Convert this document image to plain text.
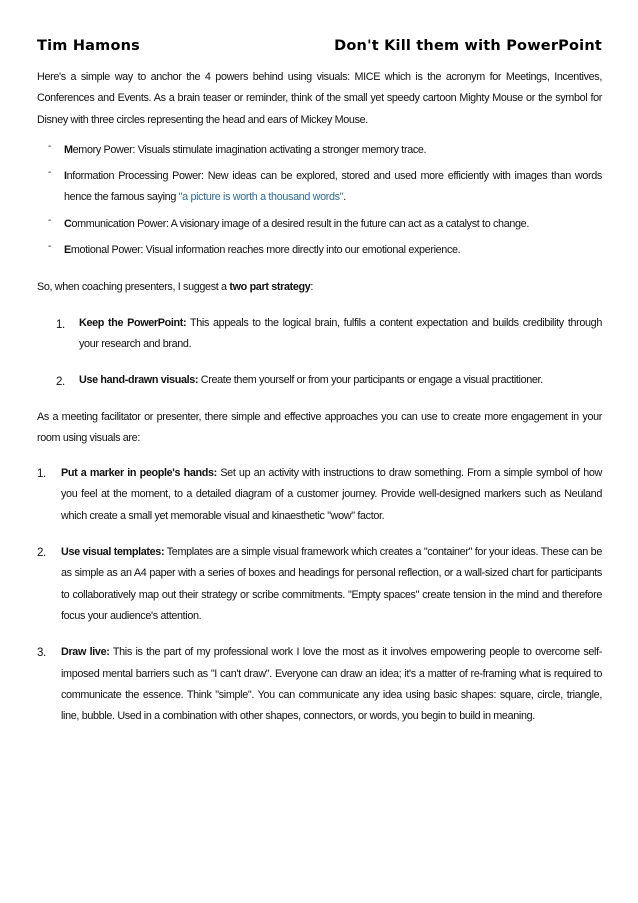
Tim Hamons	Don't Kill them with PowerPoint

Here's a simple way to anchor the 4 powers behind using visuals: MICE which is the acronym for Meetings, Incentives, Conferences and Events. As a brain teaser or reminder, think of the small yet speedy cartoon Mighty Mouse or the symbol for Disney with three circles representing the head and ears of Mickey Mouse.

- Memory Power: Visuals stimulate imagination activating a stronger memory trace.
- Information Processing Power: New ideas can be explored, stored and used more efficiently with images than words hence the famous saying "a picture is worth a thousand words".
- Communication Power: A visionary image of a desired result in the future can act as a catalyst to change.
- Emotional Power: Visual information reaches more directly into our emotional experience.

So, when coaching presenters, I suggest a two part strategy:

1. Keep the PowerPoint: This appeals to the logical brain, fulfils a content expectation and builds credibility through your research and brand.
2. Use hand-drawn visuals: Create them yourself or from your participants or engage a visual practitioner.

As a meeting facilitator or presenter, there simple and effective approaches you can use to create more engagement in your room using visuals are:

1. Put a marker in people's hands: Set up an activity with instructions to draw something. From a simple symbol of how you feel at the moment, to a detailed diagram of a customer journey. Provide well-designed markers such as Neuland which create a small yet memorable visual and kinaesthetic "wow" factor.
2. Use visual templates: Templates are a simple visual framework which creates a "container" for your ideas. These can be as simple as an A4 paper with a series of boxes and headings for personal reflection, or a wall-sized chart for participants to collaboratively map out their strategy or scribe commitments. "Empty spaces" create tension in the mind and therefore focus your audience's attention.
3. Draw live: This is the part of my professional work I love the most as it involves empowering people to overcome self-imposed mental barriers such as "I can't draw". Everyone can draw an idea; it's a matter of re-framing what is required to communicate the essence. Think "simple". You can communicate any idea using basic shapes: square, circle, triangle, line, bubble. Used in a combination with other shapes, connectors, or words, you begin to build in meaning.
